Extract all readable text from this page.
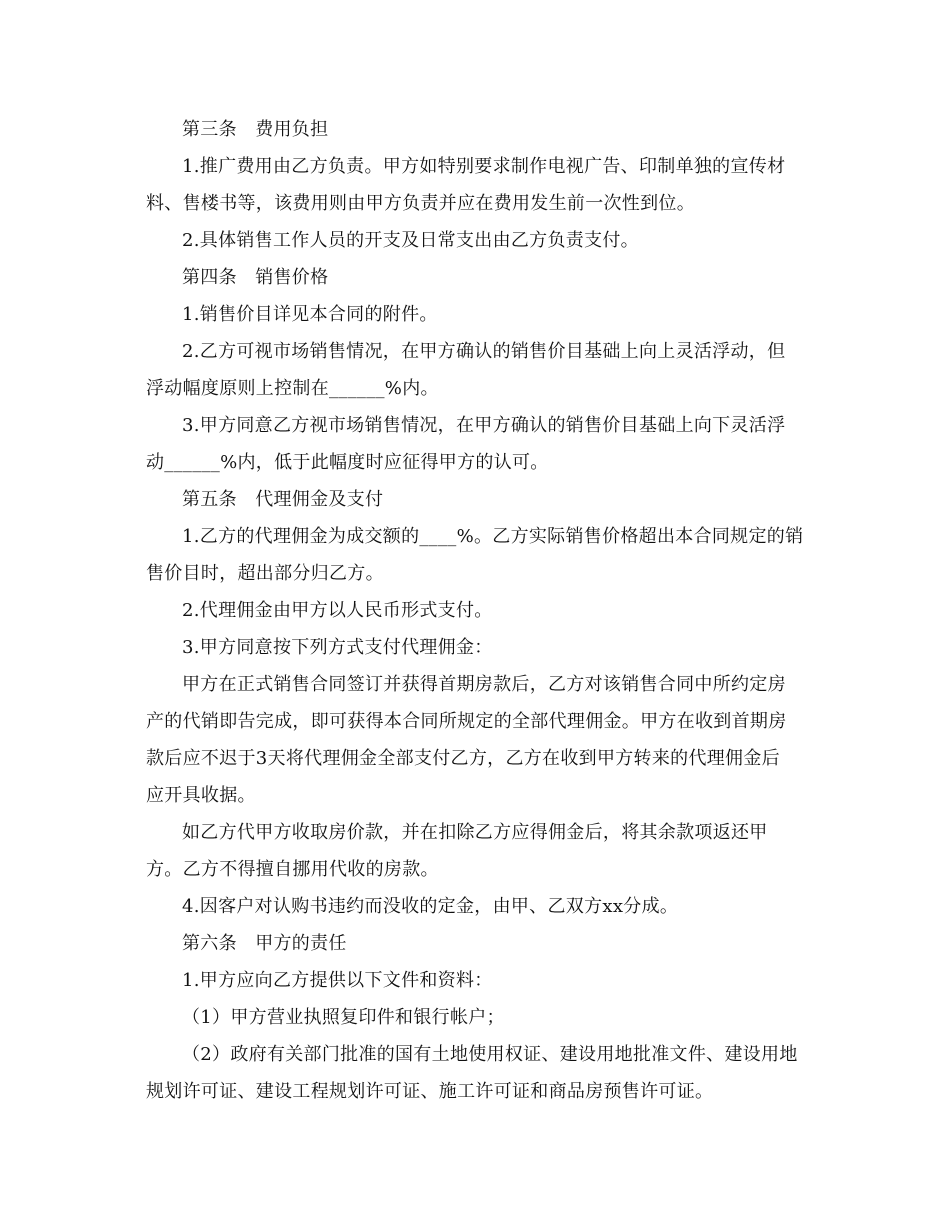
第三条　费用负担
1.推广费用由乙方负责。甲方如特别要求制作电视广告、印制单独的宣传材
料、售楼书等，该费用则由甲方负责并应在费用发生前一次性到位。
2.具体销售工作人员的开支及日常支出由乙方负责支付。
第四条　销售价格
1.销售价目详见本合同的附件。
2.乙方可视市场销售情况，在甲方确认的销售价目基础上向上灵活浮动，但
浮动幅度原则上控制在______%内。
3.甲方同意乙方视市场销售情况，在甲方确认的销售价目基础上向下灵活浮
动______%内，低于此幅度时应征得甲方的认可。
第五条　代理佣金及支付
1.乙方的代理佣金为成交额的____%。乙方实际销售价格超出本合同规定的销
售价目时，超出部分归乙方。
2.代理佣金由甲方以人民币形式支付。
3.甲方同意按下列方式支付代理佣金：
甲方在正式销售合同签订并获得首期房款后，乙方对该销售合同中所约定房
产的代销即告完成，即可获得本合同所规定的全部代理佣金。甲方在收到首期房
款后应不迟于3天将代理佣金全部支付乙方，乙方在收到甲方转来的代理佣金后
应开具收据。
如乙方代甲方收取房价款，并在扣除乙方应得佣金后，将其余款项返还甲
方。乙方不得擅自挪用代收的房款。
4.因客户对认购书违约而没收的定金，由甲、乙双方xx分成。
第六条　甲方的责任
1.甲方应向乙方提供以下文件和资料：
（1）甲方营业执照复印件和银行帐户；
（2）政府有关部门批准的国有土地使用权证、建设用地批准文件、建设用地
规划许可证、建设工程规划许可证、施工许可证和商品房预售许可证。
